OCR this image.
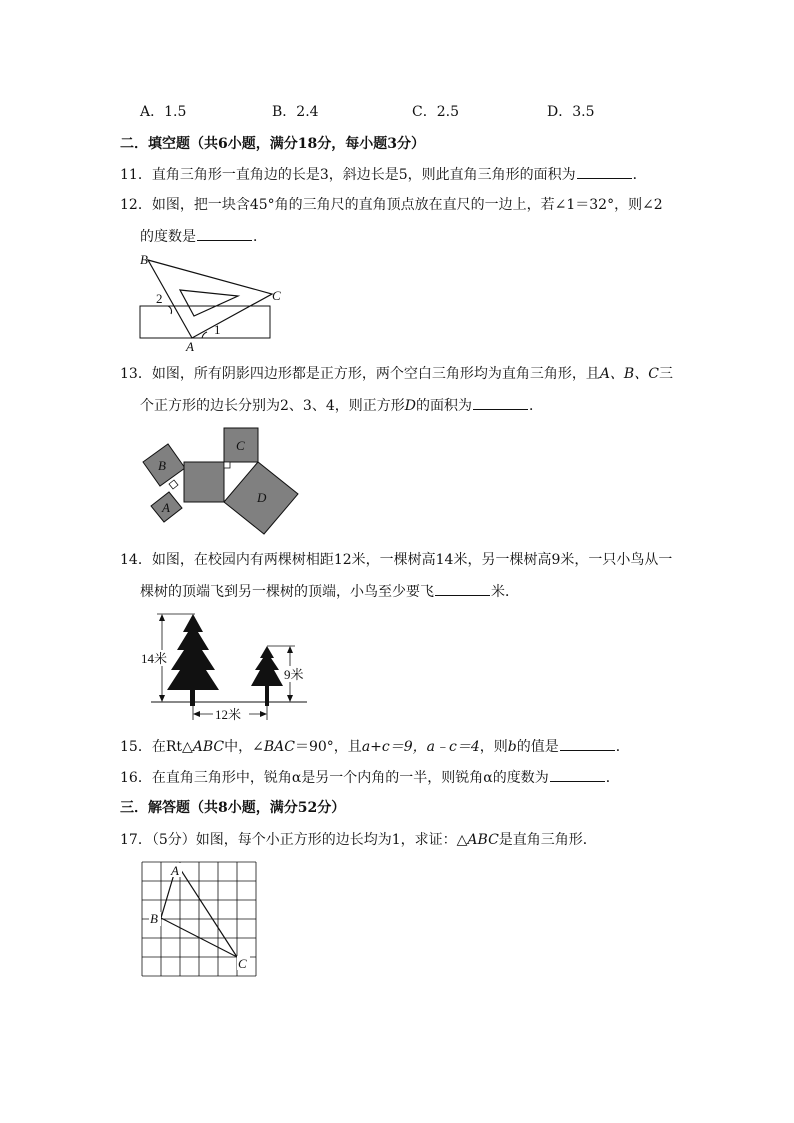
A．1.5	B．2.4	C．2.5	D．3.5
二．填空题（共6小题，满分18分，每小题3分）
11．直角三角形一直角边的长是3，斜边长是5，则此直角三角形的面积为	．
12．如图，把一块含45°角的三角尺的直角顶点放在直尺的一边上，若∠1＝32°，则∠2
的度数是	．
B
C
A
1
2
13．如图，所有阴影四边形都是正方形，两个空白三角形均为直角三角形，且A、B、C三
个正方形的边长分别为2、3、4，则正方形D的面积为	．
B
A
C
D
14．如图，在校园内有两棵树相距12米，一棵树高14米，另一棵树高9米，一只小鸟从一
棵树的顶端飞到另一棵树的顶端，小鸟至少要飞	米．
14米
9米
12米
15．在Rt△ABC中，∠BAC＝90°，且a+c＝9，a﹣c＝4，则b的值是	．
16．在直角三角形中，锐角α是另一个内角的一半，则锐角α的度数为	．
三．解答题（共8小题，满分52分）
17．（5分）如图，每个小正方形的边长均为1，求证：△ABC是直角三角形．
A
B
C
